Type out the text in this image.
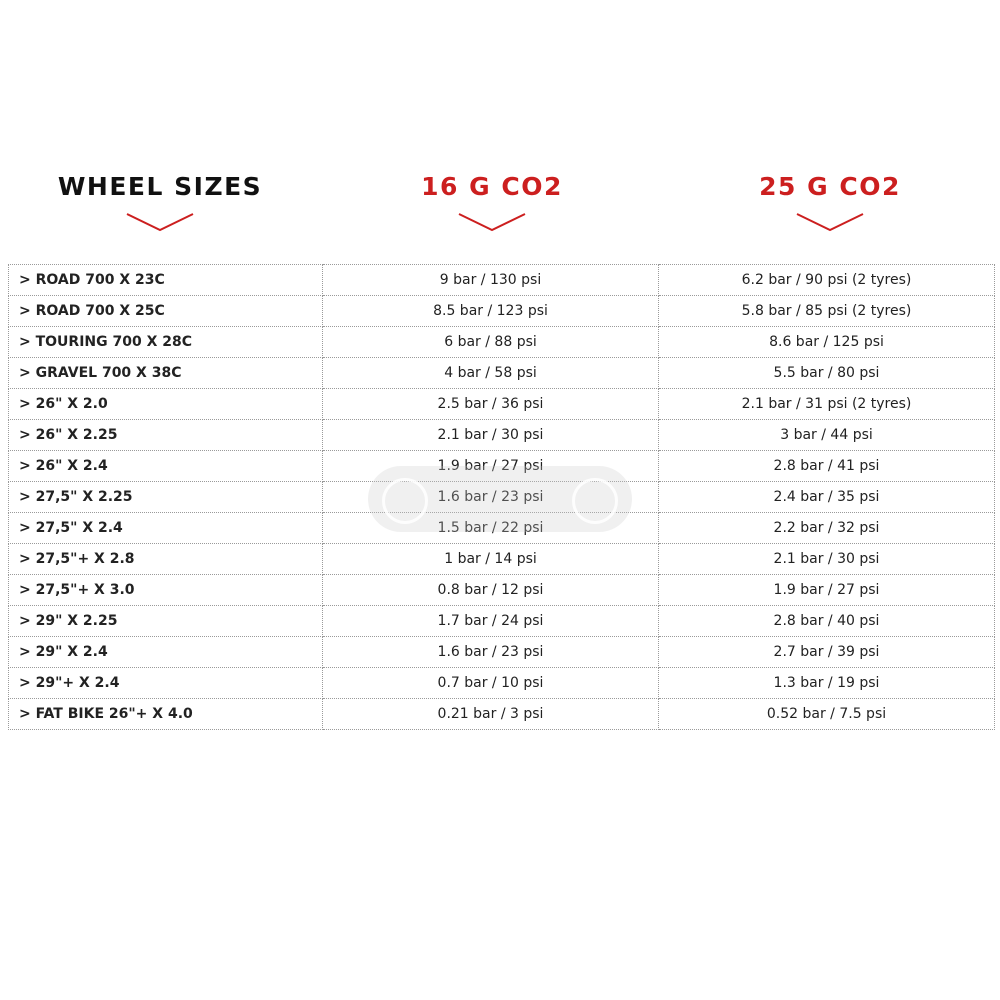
WHEEL SIZES	16 G CO2	25 G CO2
> ROAD 700 X 23C	9 bar / 130 psi	6.2 bar / 90 psi (2 tyres)
> ROAD 700 X 25C	8.5 bar / 123 psi	5.8 bar / 85 psi (2 tyres)
> TOURING 700 X 28C	6 bar / 88 psi	8.6 bar / 125 psi
> GRAVEL 700 X 38C	4 bar / 58 psi	5.5 bar / 80 psi
> 26" X 2.0	2.5 bar / 36 psi	2.1 bar / 31 psi (2 tyres)
> 26" X 2.25	2.1 bar / 30 psi	3 bar / 44 psi
> 26" X 2.4	1.9 bar / 27 psi	2.8 bar / 41 psi
> 27,5" X 2.25	1.6 bar / 23 psi	2.4 bar / 35 psi
> 27,5" X 2.4	1.5 bar / 22 psi	2.2 bar / 32 psi
> 27,5"+ X 2.8	1 bar / 14 psi	2.1 bar / 30 psi
> 27,5"+ X 3.0	0.8 bar / 12 psi	1.9 bar / 27 psi
> 29" X 2.25	1.7 bar / 24 psi	2.8 bar / 40 psi
> 29" X 2.4	1.6 bar / 23 psi	2.7 bar / 39 psi
> 29"+ X 2.4	0.7 bar / 10 psi	1.3 bar / 19 psi
> FAT BIKE 26"+ X 4.0	0.21 bar / 3 psi	0.52 bar / 7.5 psi
